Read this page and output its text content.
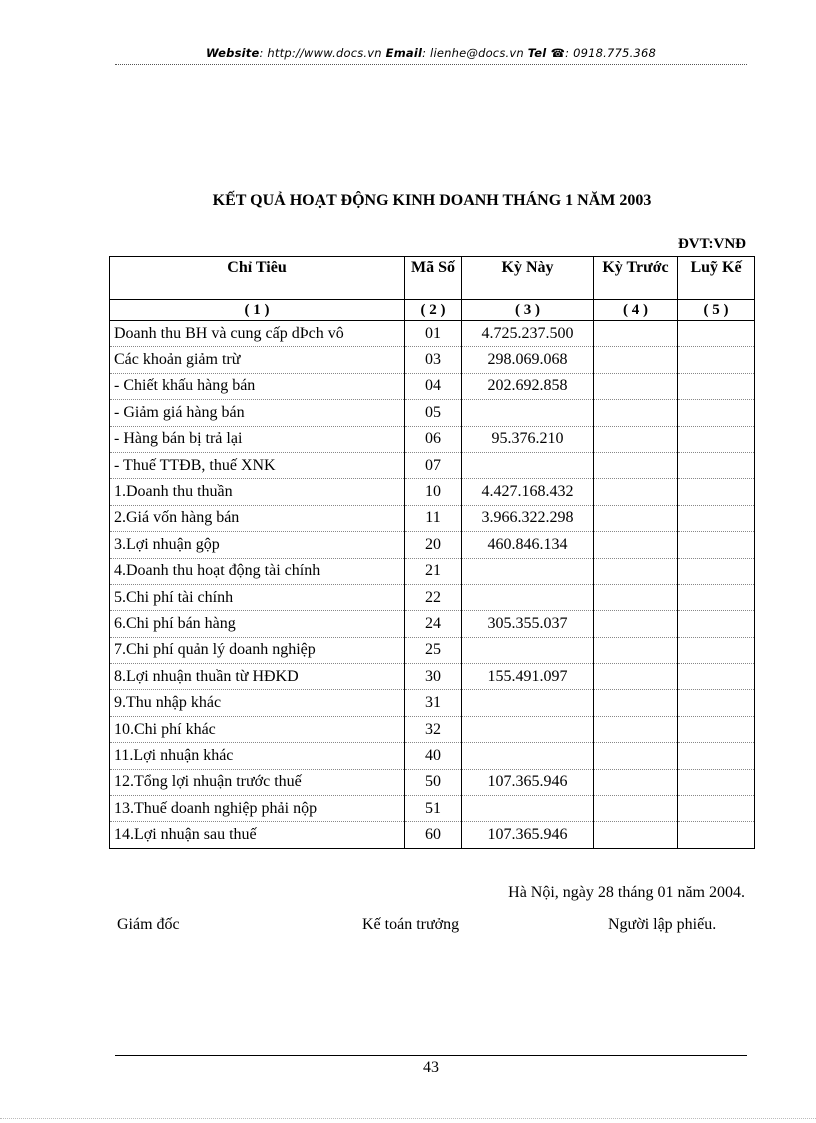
Website: http://www.docs.vn Email: lienhe@docs.vn Tel ☎: 0918.775.368
KẾT QUẢ HOẠT ĐỘNG KINH DOANH THÁNG 1 NĂM 2003
ĐVT:VNĐ
Chỉ Tiêu	Mã Số	Kỳ Này	Kỳ Trước	Luỹ Kế
( 1 )	( 2 )	( 3 )	( 4 )	( 5 )
Doanh thu BH và cung cấp dÞch vô	01	4.725.237.500		
Các khoản giảm trừ	03	298.069.068		
- Chiết khấu hàng bán	04	202.692.858		
- Giảm giá hàng bán	05			
- Hàng bán bị trả lại	06	95.376.210		
- Thuế TTĐB, thuế XNK	07			
1.Doanh thu thuần	10	4.427.168.432		
2.Giá vốn hàng bán	11	3.966.322.298		
3.Lợi nhuận gộp	20	460.846.134		
4.Doanh thu hoạt động tài chính	21			
5.Chi phí tài chính	22			
6.Chi phí bán hàng	24	305.355.037		
7.Chi phí quản lý doanh nghiệp	25			
8.Lợi nhuận thuần từ HĐKD	30	155.491.097		
9.Thu nhập khác	31			
10.Chi phí khác	32			
11.Lợi nhuận khác	40			
12.Tổng lợi nhuận trước thuế	50	107.365.946		
13.Thuế doanh nghiệp phải nộp	51			
14.Lợi nhuận sau thuế	60	107.365.946		
Hà Nội, ngày 28 tháng 01 năm 2004.
Giám đốc	Kế toán trưởng	Người lập phiếu.
43
